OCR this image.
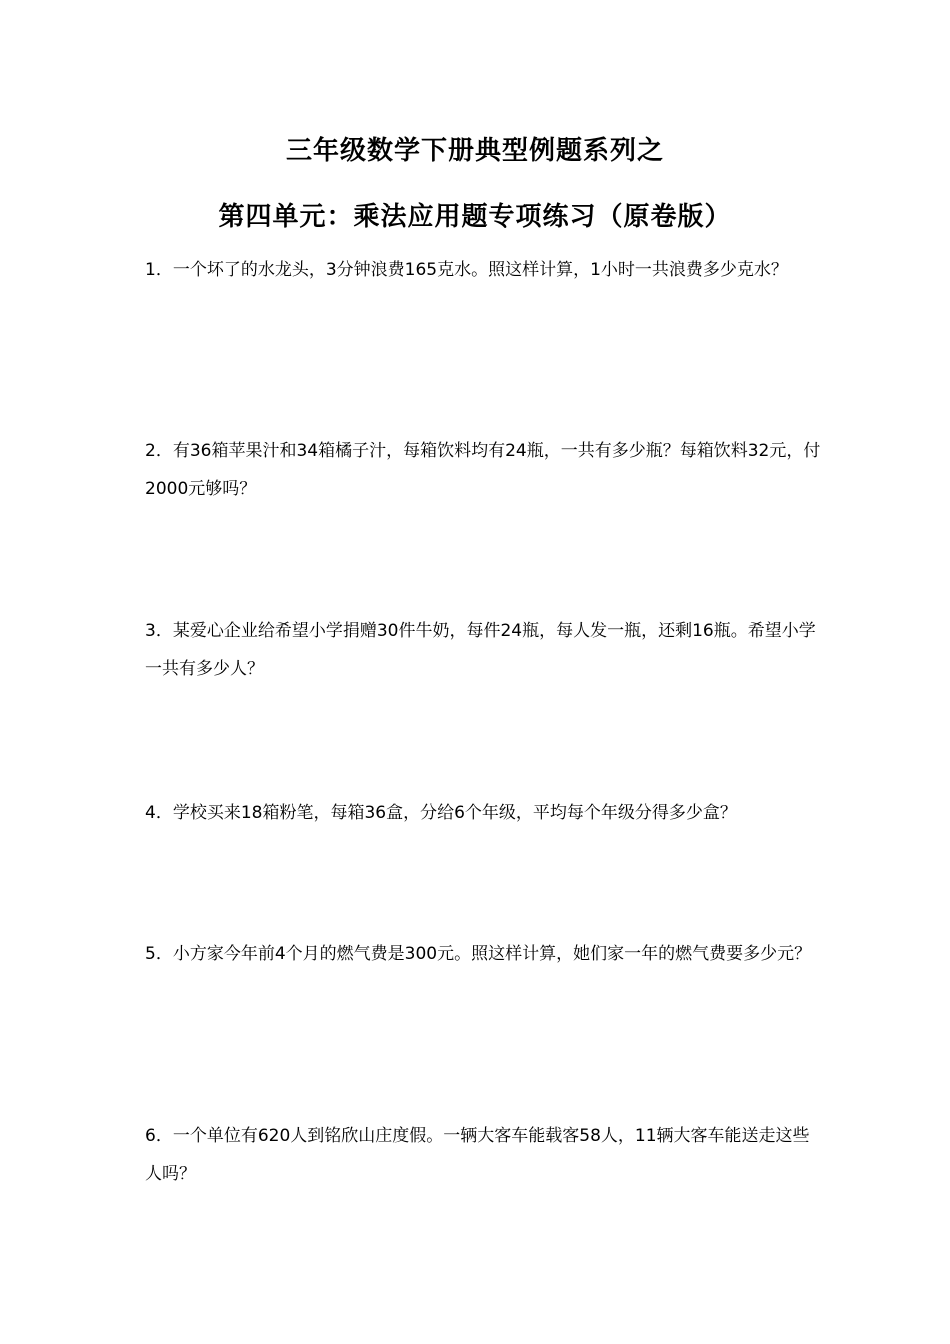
三年级数学下册典型例题系列之
第四单元：乘法应用题专项练习（原卷版）
1．一个坏了的水龙头，3分钟浪费165克水。照这样计算，1小时一共浪费多少克水？
2．有36箱苹果汁和34箱橘子汁，每箱饮料均有24瓶，一共有多少瓶？每箱饮料32元，付2000元够吗？
3．某爱心企业给希望小学捐赠30件牛奶，每件24瓶，每人发一瓶，还剩16瓶。希望小学一共有多少人？
4．学校买来18箱粉笔，每箱36盒，分给6个年级，平均每个年级分得多少盒？
5．小方家今年前4个月的燃气费是300元。照这样计算，她们家一年的燃气费要多少元？
6．一个单位有620人到铭欣山庄度假。一辆大客车能载客58人，11辆大客车能送走这些人吗？
